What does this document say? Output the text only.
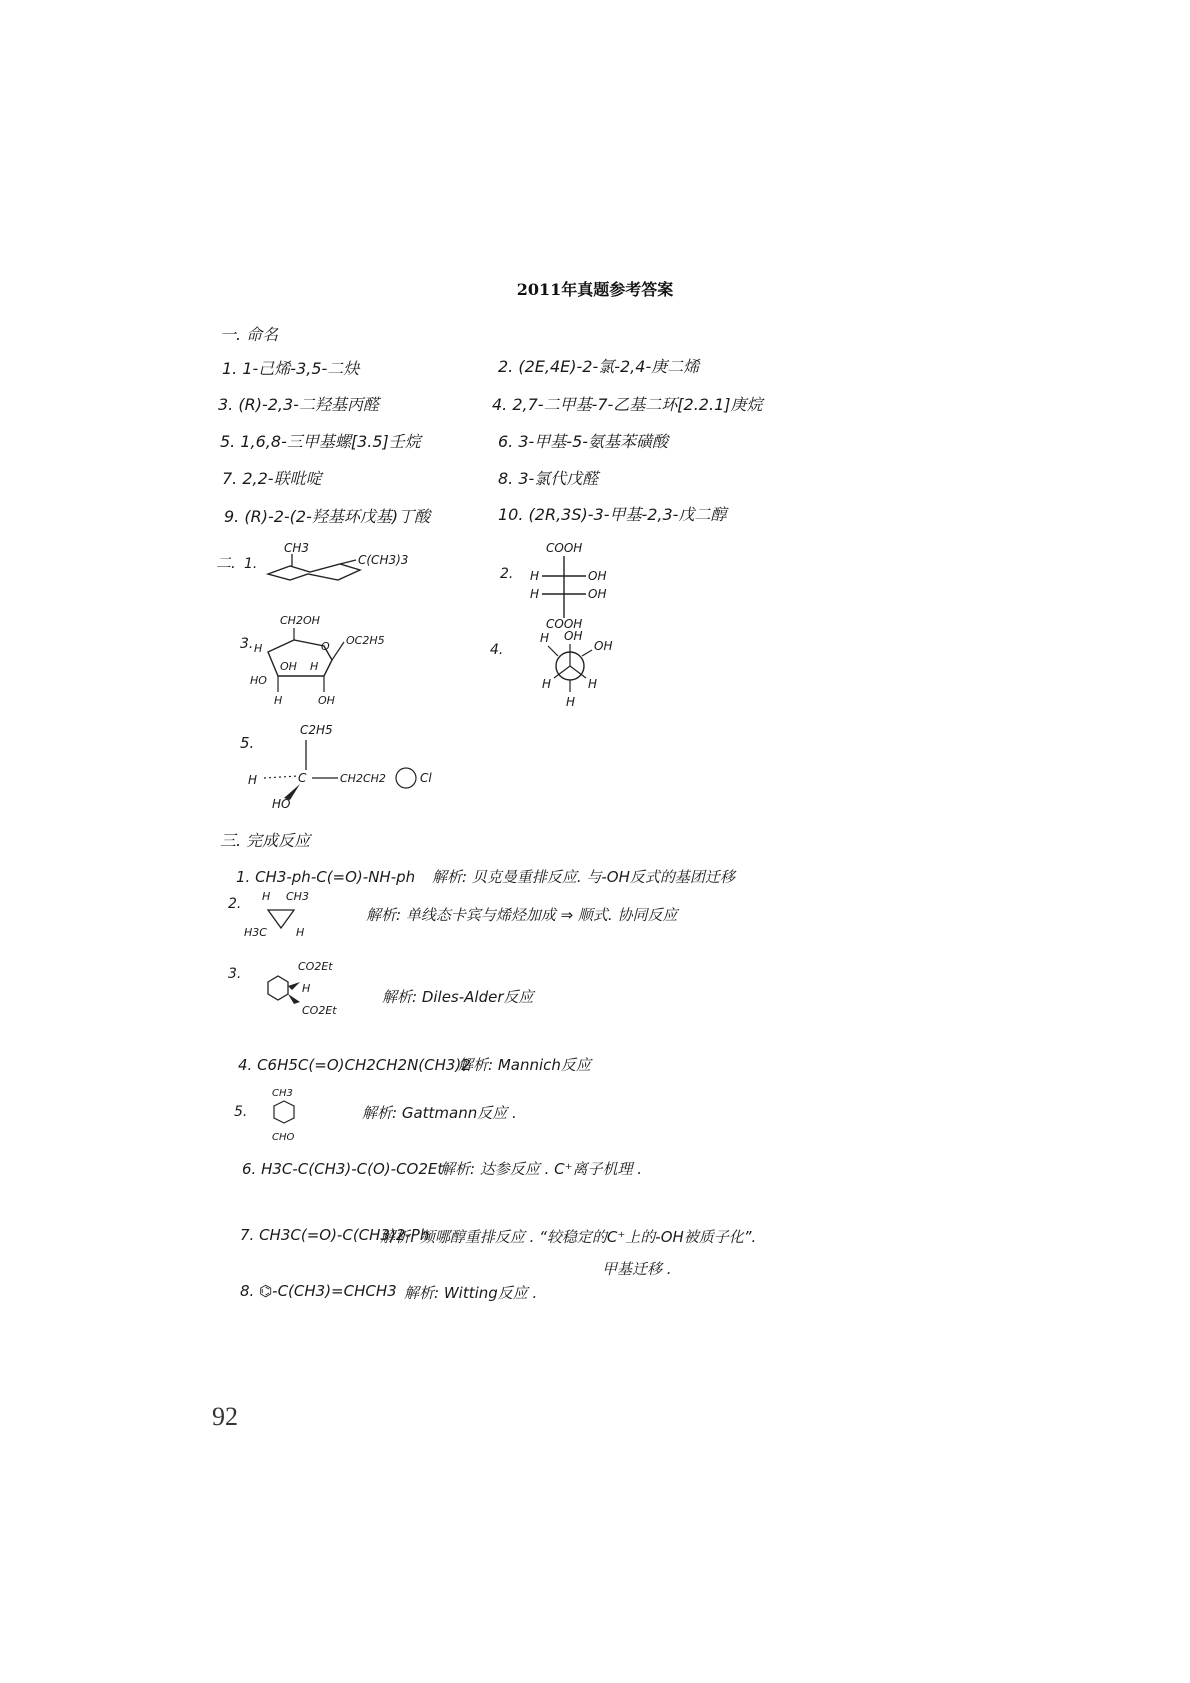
2011年真题参考答案
一. 命名
1. 1-己烯-3,5-二炔	2. (2E,4E)-2-氯-2,4-庚二烯
3. (R)-2,3-二羟基丙醛	4. 2,7-二甲基-7-乙基二环[2.2.1]庚烷
5. 1,6,8-三甲基螺[3.5]壬烷	6. 3-甲基-5-氨基苯磺酸
7. 2,2-联吡啶	8. 3-氯代戊醛
9. (R)-2-(2-羟基环戊基)丁酸	10. (2R,3S)-3-甲基-2,3-戊二醇
二. 1.
CH3
C(CH3)3
2.
COOH
H	OH
H	OH
COOH
3.
CH2OH
O OC2H5
H
HO
OH H
H	OH
4.
H OH
OH
H	H
H
5.
C2H5
H	C	CH2CH2
HO
Cl
三. 完成反应
1. CH3-ph-C(=O)-NH-ph 解析: 贝克曼重排反应. 与-OH反式的基团迁移
2. H CH3
H3C	H
解析: 单线态卡宾与烯烃加成 ⇒ 顺式. 协同反应
3.	CO2Et
H
CO2Et
解析: Diles-Alder反应
4. C6H5C(=O)CH2CH2N(CH3)2
解析: Mannich反应
5.
CH3
CHO
解析: Gattmann反应 .
6. H3C-C(CH3)-C(O)-CO2Et
解析: 达参反应 . C⁺离子机理 .
7. CH3C(=O)-C(CH3)2-Ph
解析: 频哪醇重排反应 . “较稳定的C⁺上的-OH被质子化”.
甲基迁移 .
8. ⌬-C(CH3)=CHCH3 解析: Witting反应 .
92
